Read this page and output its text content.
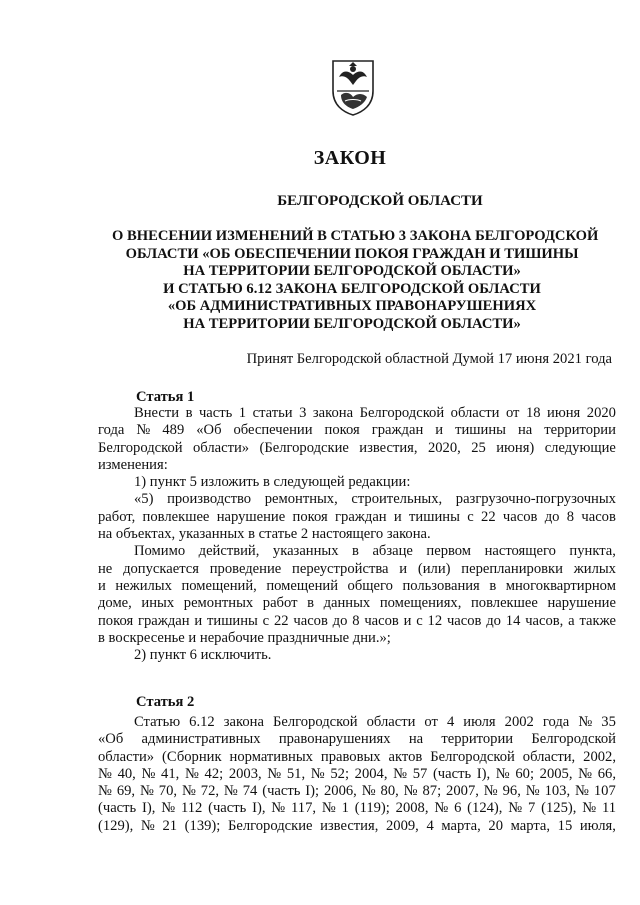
ЗАКОН
БЕЛГОРОДСКОЙ ОБЛАСТИ
О ВНЕСЕНИИ ИЗМЕНЕНИЙ В СТАТЬЮ 3 ЗАКОНА БЕЛГОРОДСКОЙ
ОБЛАСТИ «ОБ ОБЕСПЕЧЕНИИ ПОКОЯ ГРАЖДАН И ТИШИНЫ
НА ТЕРРИТОРИИ БЕЛГОРОДСКОЙ ОБЛАСТИ»
И СТАТЬЮ 6.12 ЗАКОНА БЕЛГОРОДСКОЙ ОБЛАСТИ
«ОБ АДМИНИСТРАТИВНЫХ ПРАВОНАРУШЕНИЯХ
НА ТЕРРИТОРИИ БЕЛГОРОДСКОЙ ОБЛАСТИ»
Принят Белгородской областной Думой 17 июня 2021 года
Статья 1
Внести в часть 1 статьи 3 закона Белгородской области от 18 июня 2020
года № 489 «Об обеспечении покоя граждан и тишины на территории
Белгородской области» (Белгородские известия, 2020, 25 июня) следующие
изменения:
1) пункт 5 изложить в следующей редакции:
«5) производство ремонтных, строительных, разгрузочно-погрузочных
работ, повлекшее нарушение покоя граждан и тишины с 22 часов до 8 часов
на объектах, указанных в статье 2 настоящего закона.
Помимо действий, указанных в абзаце первом настоящего пункта,
не допускается проведение переустройства и (или) перепланировки жилых
и нежилых помещений, помещений общего пользования в многоквартирном
доме, иных ремонтных работ в данных помещениях, повлекшее нарушение
покоя граждан и тишины с 22 часов до 8 часов и с 12 часов до 14 часов, а также
в воскресенье и нерабочие праздничные дни.»;
2) пункт 6 исключить.
Статья 2
Статью 6.12 закона Белгородской области от 4 июля 2002 года № 35
«Об административных правонарушениях на территории Белгородской
области» (Сборник нормативных правовых актов Белгородской области, 2002,
№ 40, № 41, № 42; 2003, № 51, № 52; 2004, № 57 (часть I), № 60; 2005, № 66,
№ 69, № 70, № 72, № 74 (часть I); 2006, № 80, № 87; 2007, № 96, № 103, № 107
(часть I), № 112 (часть I), № 117, № 1 (119); 2008, № 6 (124), № 7 (125), № 11
(129), № 21 (139); Белгородские известия, 2009, 4 марта, 20 марта, 15 июля,
